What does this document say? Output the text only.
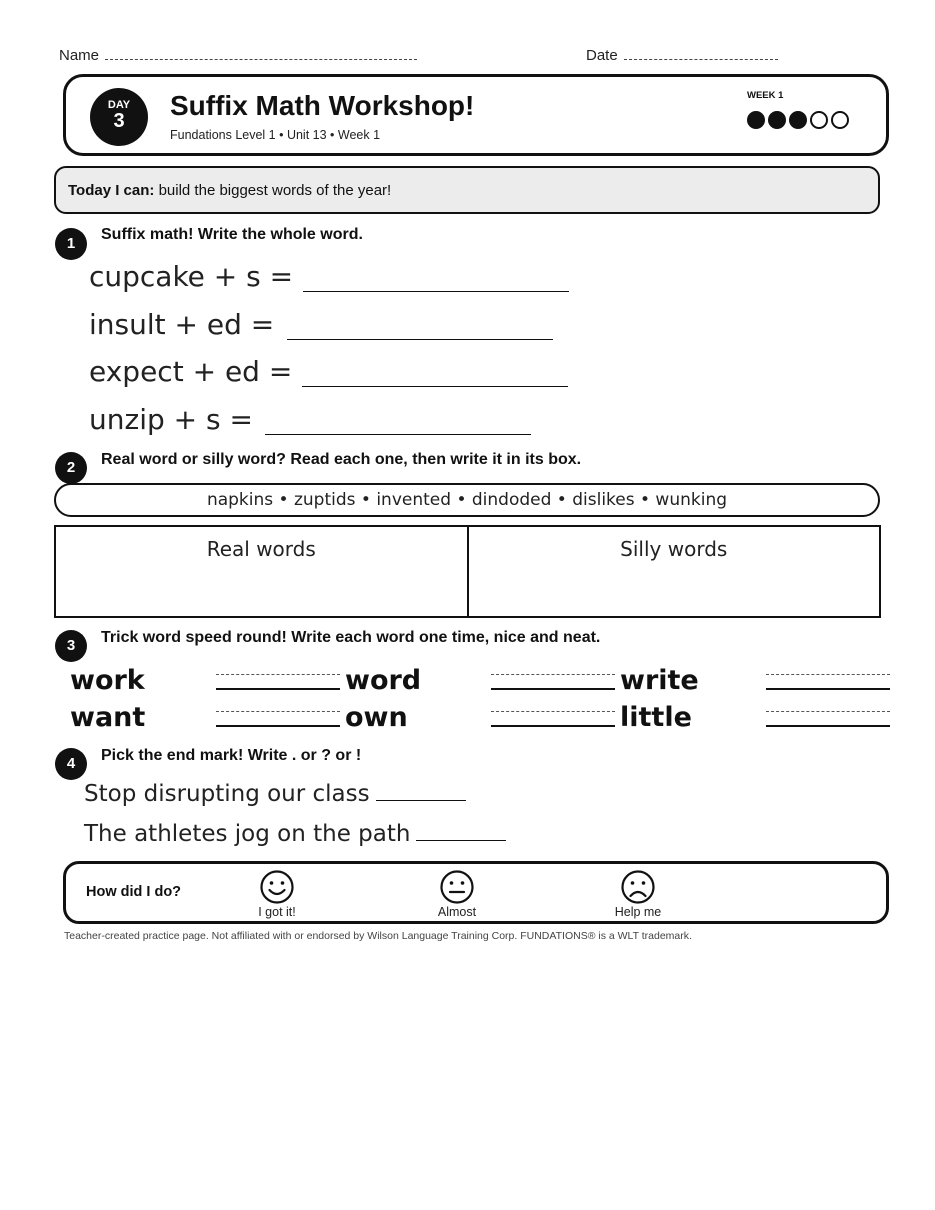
Name	Date
DAY
3	Suffix Math Workshop!
Fundations Level 1 • Unit 13 • Week 1
WEEK 1
Today I can: build the biggest words of the year!
1
Suffix math! Write the whole word.
cupcake + s =
insult + ed =
expect + ed =
unzip + s =
2	Real word or silly word? Read each one, then write it in its box.
napkins • zuptids • invented • dindoded • dislikes • wunking
Real words	Silly words
3	Trick word speed round! Write each word one time, nice and neat.
work	word	write
want	own	little
4	Pick the end mark! Write . or ? or !
Stop disrupting our class
The athletes jog on the path
How did I do?
I got it!	Almost	Help me
Teacher-created practice page. Not affiliated with or endorsed by Wilson Language Training Corp. FUNDATIONS® is a WLT trademark.
